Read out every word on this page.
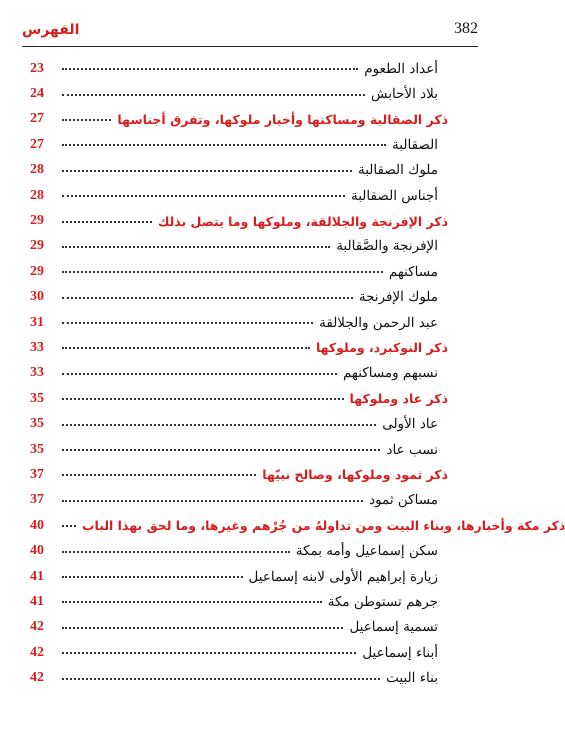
الفهرس	382
23	أعداد الطعوم
24	بلاد الأحابش
27	ذكر الصقالبة ومساكنها وأخبار ملوكها، وتفرق أجناسها
27	الصقالبة
28	ملوك الصقالبة
28	أجناس الصقالبة
29	ذكر الإفرنجة والجلالقة، وملوكها وما يتصل بذلك
29	الإفرنجة والصَّقالبة
29	مساكنهم
30	ملوك الإفرنجة
31	عبد الرحمن والجلالقة
33	ذكر النوكبرد، وملوكها
33	نسبهم ومساكنهم
35	ذكر عاد وملوكها
35	عاد الأولى
35	نسب عاد
37	ذكر ثمود وملوكها، وصالح نبيّها
37	مساكن ثمود
40	ذكر مكة وأخبارها، وبناء البيت ومن تداولهُ من جُرْهم وغيرها، وما لحق بهذا الباب
40	سكن إسماعيل وأمه بمكة
41	زيارة إبراهيم الأولى لابنه إسماعيل
41	جرهم تستوطن مكة
42	تسمية إسماعيل
42	أبناء إسماعيل
42	بناء البيت
